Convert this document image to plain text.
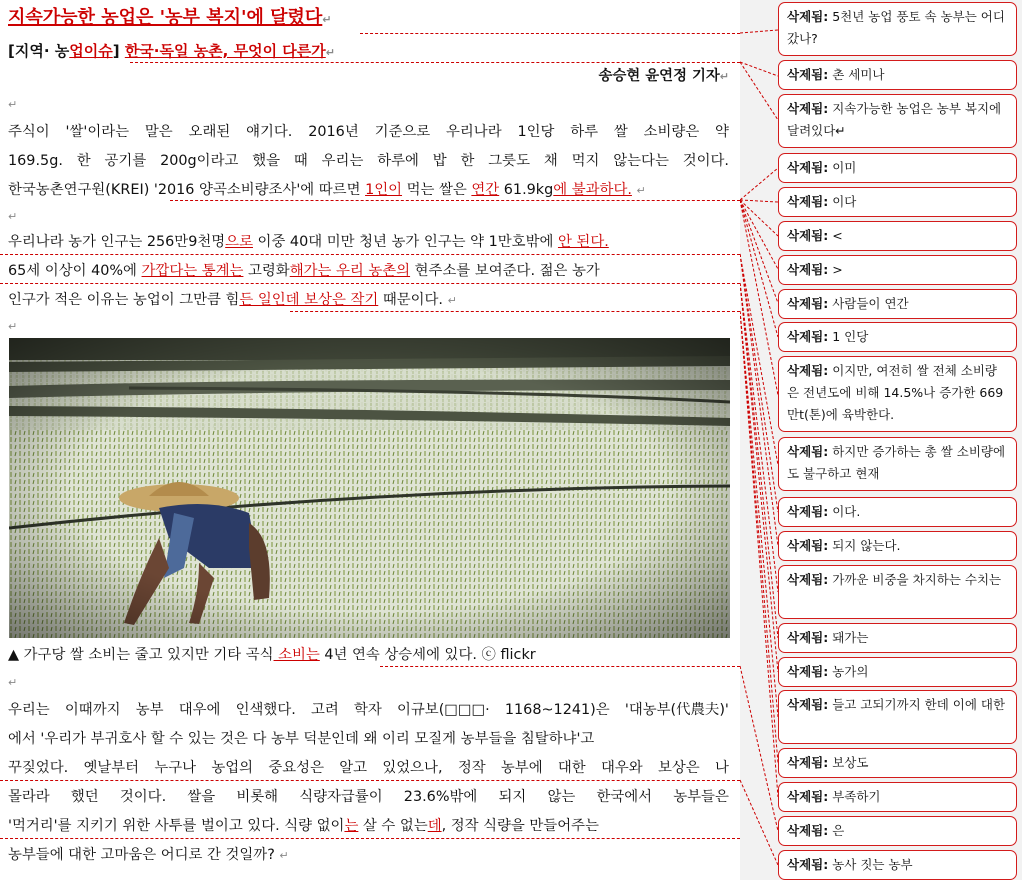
지속가능한 농업은 '농부 복지'에 달렸다↵
[지역· 농업이슈] 한국·독일 농촌, 무엇이 다른가↵
송승현 윤연정 기자↵
↵
주식이 '쌀'이라는 말은 오래된 얘기다. 2016년 기준으로 우리나라 1인당 하루 쌀 소비량은 약
169.5g. 한 공기를 200g이라고 했을 때 우리는 하루에 밥 한 그릇도 채 먹지 않는다는 것이다.
한국농촌연구원(KREI) '2016 양곡소비량조사'에 따르면 1인이 먹는 쌀은 연간 61.9kg에 불과하다. ↵
↵
우리나라 농가 인구는 256만9천명으로 이중 40대 미만 청년 농가 인구는 약 1만호밖에 안 된다.
65세 이상이 40%에 가깝다는 통계는 고령화해가는 우리 농촌의 현주소를 보여준다. 젊은 농가
인구가 적은 이유는 농업이 그만큼 힘든 일인데 보상은 작기 때문이다. ↵
↵
▲ 가구당 쌀 소비는 줄고 있지만 기타 곡식 소비는 4년 연속 상승세에 있다. ⓒ flickr
↵
우리는 이때까지 농부 대우에 인색했다. 고려 학자 이규보(□□□· 1168~1241)은 '대농부(代農夫)'
에서 '우리가 부귀호사 할 수 있는 것은 다 농부 덕분인데 왜 이리 모질게 농부들을 침탈하냐'고
꾸짖었다. 옛날부터 누구나 농업의 중요성은 알고 있었으나, 정작 농부에 대한 대우와 보상은 나
몰라라 했던 것이다. 쌀을 비롯해 식량자급률이 23.6%밖에 되지 않는 한국에서 농부들은
'먹거리'를 지키기 위한 사투를 벌이고 있다. 식량 없이는 살 수 없는데, 정작 식량을 만들어주는
농부들에 대한 고마움은 어디로 간 것일까? ↵
삭제됨: 5천년 농업 풍토 속 농부는 어디 갔나?
삭제됨: 촌 세미나
삭제됨: 지속가능한 농업은 농부 복지에 달려있다↵
삭제됨: 이미
삭제됨: 이다
삭제됨: <
삭제됨: >
삭제됨: 사람들이 연간
삭제됨: 1 인당
삭제됨: 이지만, 여전히 쌀 전체 소비량은 전년도에 비해 14.5%나 증가한 669만t(톤)에 육박한다.
삭제됨: 하지만 증가하는 총 쌀 소비량에도 불구하고 현재
삭제됨: 이다.
삭제됨: 되지 않는다.
삭제됨: 가까운 비중을 차지하는 수치는
삭제됨: 돼가는
삭제됨: 농가의
삭제됨: 들고 고되기까지 한데 이에 대한
삭제됨: 보상도
삭제됨: 부족하기
삭제됨: 은
삭제됨: 농사 짓는 농부
